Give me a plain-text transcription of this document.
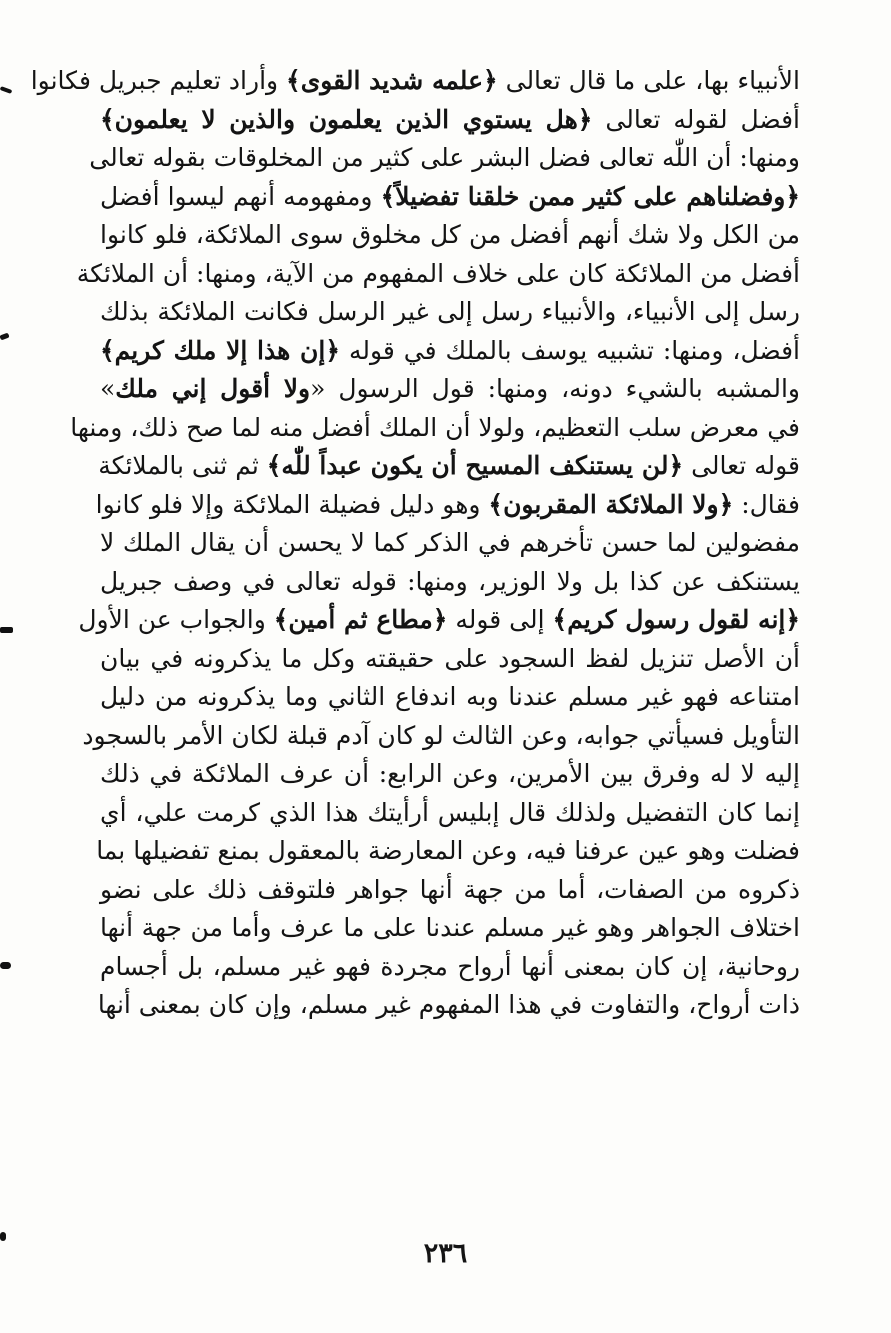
الأنبياء بها، على ما قال تعالى ﴿علمه شديد القوى﴾ وأراد تعليم جبريل فكانوا
أفضل لقوله تعالى ﴿هل يستوي الذين يعلمون والذين لا يعلمون﴾
ومنها: أن اللّٰه تعالى فضل البشر على كثير من المخلوقات بقوله تعالى
﴿وفضلناهم على كثير ممن خلقنا تفضيلاً﴾ ومفهومه أنهم ليسوا أفضل
من الكل ولا شك أنهم أفضل من كل مخلوق سوى الملائكة، فلو كانوا
أفضل من الملائكة كان على خلاف المفهوم من الآية، ومنها: أن الملائكة
رسل إلى الأنبياء، والأنبياء رسل إلى غير الرسل فكانت الملائكة بذلك
أفضل، ومنها: تشبيه يوسف بالملك في قوله ﴿إن هذا إلا ملك كريم﴾
والمشبه بالشيء دونه، ومنها: قول الرسول «ولا أقول إني ملك»
في معرض سلب التعظيم، ولولا أن الملك أفضل منه لما صح ذلك، ومنها
قوله تعالى ﴿لن يستنكف المسيح أن يكون عبداً للّٰه﴾ ثم ثنى بالملائكة
فقال: ﴿ولا الملائكة المقربون﴾ وهو دليل فضيلة الملائكة وإلا فلو كانوا
مفضولين لما حسن تأخرهم في الذكر كما لا يحسن أن يقال الملك لا
يستنكف عن كذا بل ولا الوزير، ومنها: قوله تعالى في وصف جبريل
﴿إنه لقول رسول كريم﴾ إلى قوله ﴿مطاع ثم أمين﴾ والجواب عن الأول
أن الأصل تنزيل لفظ السجود على حقيقته وكل ما يذكرونه في بيان
امتناعه فهو غير مسلم عندنا وبه اندفاع الثاني وما يذكرونه من دليل
التأويل فسيأتي جوابه، وعن الثالث لو كان آدم قبلة لكان الأمر بالسجود
إليه لا له وفرق بين الأمرين، وعن الرابع: أن عرف الملائكة في ذلك
إنما كان التفضيل ولذلك قال إبليس أرأيتك هذا الذي كرمت علي، أي
فضلت وهو عين عرفنا فيه، وعن المعارضة بالمعقول بمنع تفضيلها بما
ذكروه من الصفات، أما من جهة أنها جواهر فلتوقف ذلك على نضو
اختلاف الجواهر وهو غير مسلم عندنا على ما عرف وأما من جهة أنها
روحانية، إن كان بمعنى أنها أرواح مجردة فهو غير مسلم، بل أجسام
ذات أرواح، والتفاوت في هذا المفهوم غير مسلم، وإن كان بمعنى أنها
٢٣٦
